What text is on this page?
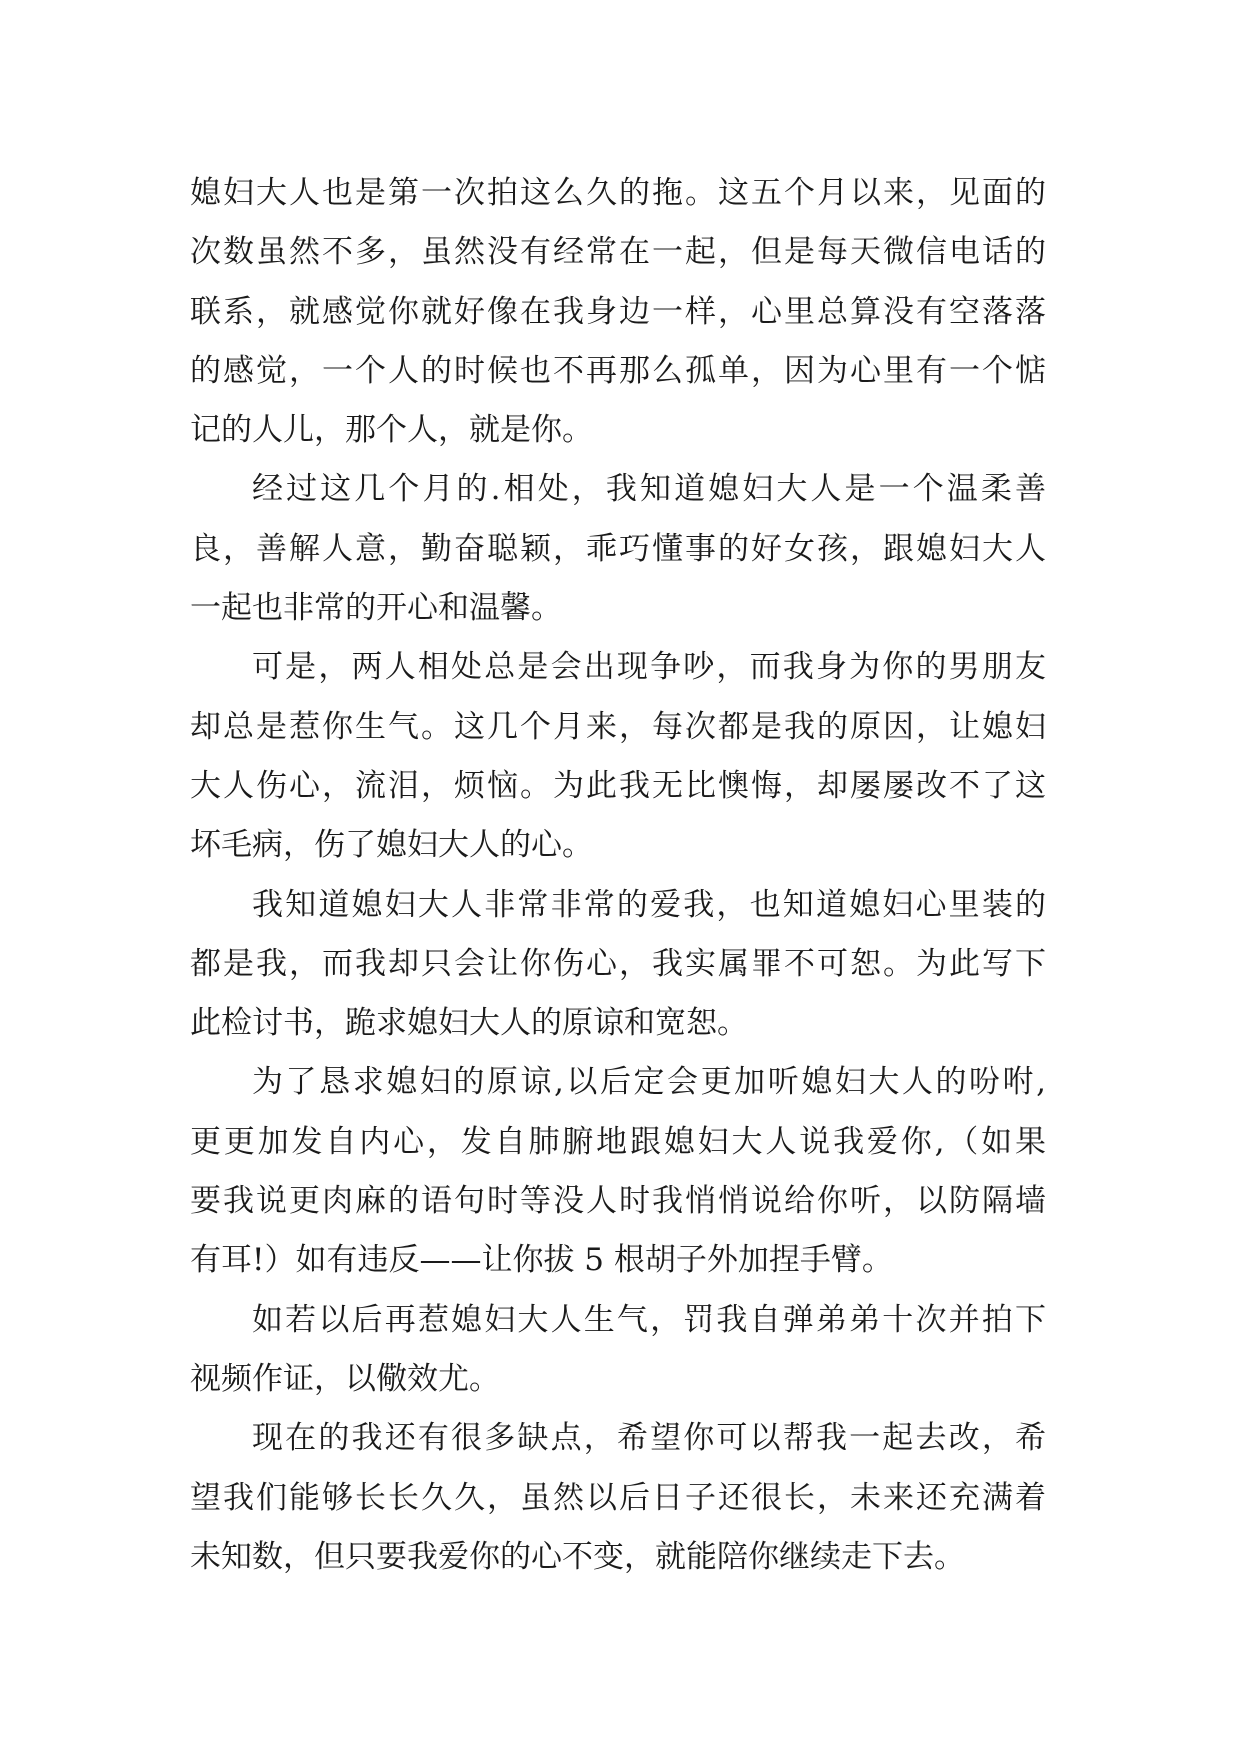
媳妇大人也是第一次拍这么久的拖。这五个月以来，见面的
次数虽然不多，虽然没有经常在一起，但是每天微信电话的
联系，就感觉你就好像在我身边一样，心里总算没有空落落
的感觉，一个人的时候也不再那么孤单，因为心里有一个惦
记的人儿，那个人，就是你。
经过这几个月的.相处，我知道媳妇大人是一个温柔善
良，善解人意，勤奋聪颖，乖巧懂事的好女孩，跟媳妇大人
一起也非常的开心和温馨。
可是，两人相处总是会出现争吵，而我身为你的男朋友
却总是惹你生气。这几个月来，每次都是我的原因，让媳妇
大人伤心，流泪，烦恼。为此我无比懊悔，却屡屡改不了这
坏毛病，伤了媳妇大人的心。
我知道媳妇大人非常非常的爱我，也知道媳妇心里装的
都是我，而我却只会让你伤心，我实属罪不可恕。为此写下
此检讨书，跪求媳妇大人的原谅和宽恕。
为了恳求媳妇的原谅,以后定会更加听媳妇大人的吩咐,
更更加发自内心，发自肺腑地跟媳妇大人说我爱你,（如果
要我说更肉麻的语句时等没人时我悄悄说给你听，以防隔墙
有耳!）如有违反——让你拔 5 根胡子外加捏手臂。
如若以后再惹媳妇大人生气，罚我自弹弟弟十次并拍下
视频作证，以儆效尤。
现在的我还有很多缺点，希望你可以帮我一起去改，希
望我们能够长长久久，虽然以后日子还很长，未来还充满着
未知数，但只要我爱你的心不变，就能陪你继续走下去。
